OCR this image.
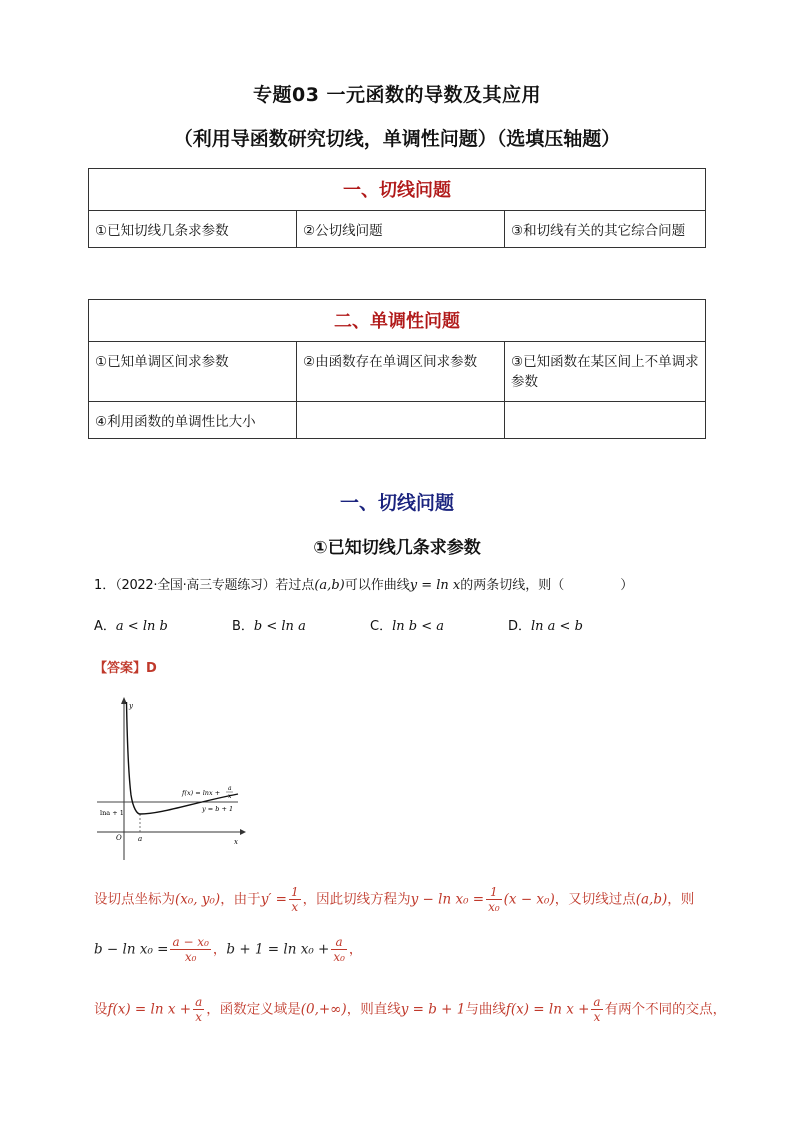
专题03 一元函数的导数及其应用
（利用导函数研究切线，单调性问题）（选填压轴题）
一、切线问题
①已知切线几条求参数	②公切线问题	③和切线有关的其它综合问题
二、单调性问题		
①已知单调区间求参数	②由函数存在单调区间求参数	③已知函数在某区间上不单调求参数
④利用函数的单调性比大小		
一、切线问题
①已知切线几条求参数
1．（2022·全国·高三专题练习）若过点(a,b)可以作曲线y = ln x的两条切线，则（	）
A．a < ln b	B．b < ln a	C．ln b < a	D．ln a < b
【答案】D
y
x
O a
lna + 1
f(x) = lnx +
a
x
y = b + 1
设切点坐标为(x₀, y₀)，由于$y' = \frac{1}{x}$ ，因此切线方程为$y - \ln x_0 = \frac{1}{\text{x₀}} (x - x_0)$，又切线过点(a,b)，则
$b - \ln x_0 = \frac{\text{a − x₀}}{\text{x₀}}$ ，$b + 1 = \ln x_0 + \frac{a}{\text{x₀}}$ ，
设$f(x) = \ln x + \frac{a}{x}$ ，函数定义域是(0,+∞)，则直线y = b + 1与曲线$f(x) = \ln x + \frac{a}{x}$ 有两个不同的交点，
